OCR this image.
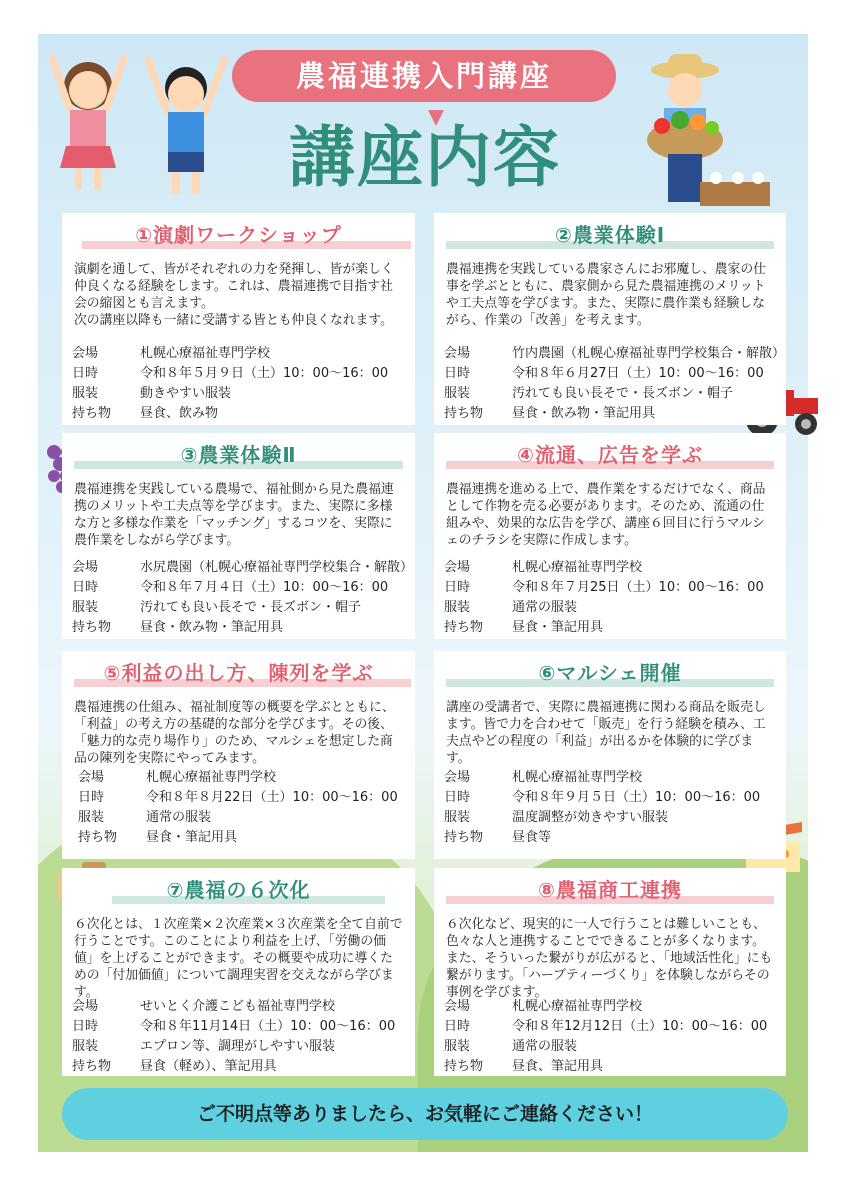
農福連携入門講座
講座内容
①演劇ワークショップ

演劇を通して、皆がそれぞれの力を発揮し、皆が楽しく仲良くなる経験をします。これは、農福連携で目指す社会の縮図とも言えます。
次の講座以降も一緒に受講する皆とも仲良くなれます。

会場	札幌心療福祉専門学校
日時	令和８年５月９日（土）10：00〜16：00
服装	動きやすい服装
持ち物	昼食、飲み物
②農業体験Ⅰ

農福連携を実践している農家さんにお邪魔し、農家の仕事を学ぶとともに、農家側から見た農福連携のメリットや工夫点等を学びます。また、実際に農作業も経験しながら、作業の「改善」を考えます。

会場	竹内農園（札幌心療福祉専門学校集合・解散）
日時	令和８年６月27日（土）10：00〜16：00
服装	汚れても良い長そで・長ズボン・帽子
持ち物	昼食・飲み物・筆記用具
③農業体験Ⅱ

農福連携を実践している農場で、福祉側から見た農福連携のメリットや工夫点等を学びます。また、実際に多様な方と多様な作業を「マッチング」するコツを、実際に農作業をしながら学びます。

会場	水尻農園（札幌心療福祉専門学校集合・解散）
日時	令和８年７月４日（土）10：00〜16：00
服装	汚れても良い長そで・長ズボン・帽子
持ち物	昼食・飲み物・筆記用具
④流通、広告を学ぶ

農福連携を進める上で、農作業をするだけでなく、商品として作物を売る必要があります。そのため、流通の仕組みや、効果的な広告を学び、講座６回目に行うマルシェのチラシを実際に作成します。

会場	札幌心療福祉専門学校
日時	令和８年７月25日（土）10：00〜16：00
服装	通常の服装
持ち物	昼食・筆記用具
⑤利益の出し方、陳列を学ぶ

農福連携の仕組み、福祉制度等の概要を学ぶとともに、「利益」の考え方の基礎的な部分を学びます。その後、「魅力的な売り場作り」のため、マルシェを想定した商品の陳列を実際にやってみます。

会場	札幌心療福祉専門学校
日時	令和８年８月22日（土）10：00〜16：00
服装	通常の服装
持ち物	昼食・筆記用具
⑥マルシェ開催

講座の受講者で、実際に農福連携に関わる商品を販売します。皆で力を合わせて「販売」を行う経験を積み、工夫点やどの程度の「利益」が出るかを体験的に学びます。

会場	札幌心療福祉専門学校
日時	令和８年９月５日（土）10：00〜16：00
服装	温度調整が効きやすい服装
持ち物	昼食等
⑦農福の６次化

６次化とは、１次産業×２次産業×３次産業を全て自前で行うことです。このことにより利益を上げ、「労働の価値」を上げることができます。その概要や成功に導くための「付加価値」について調理実習を交えながら学びます。

会場	せいとく介護こども福祉専門学校
日時	令和８年11月14日（土）10：00〜16：00
服装	エプロン等、調理がしやすい服装
持ち物	昼食（軽め）、筆記用具
⑧農福商工連携

６次化など、現実的に一人で行うことは難しいことも、色々な人と連携することでできることが多くなります。また、そういった繋がりが広がると、「地域活性化」にも繋がります。「ハーブティーづくり」を体験しながらその事例を学びます。

会場	札幌心療福祉専門学校
日時	令和８年12月12日（土）10：00〜16：00
服装	通常の服装
持ち物	昼食、筆記用具
ご不明点等ありましたら、お気軽にご連絡ください！
